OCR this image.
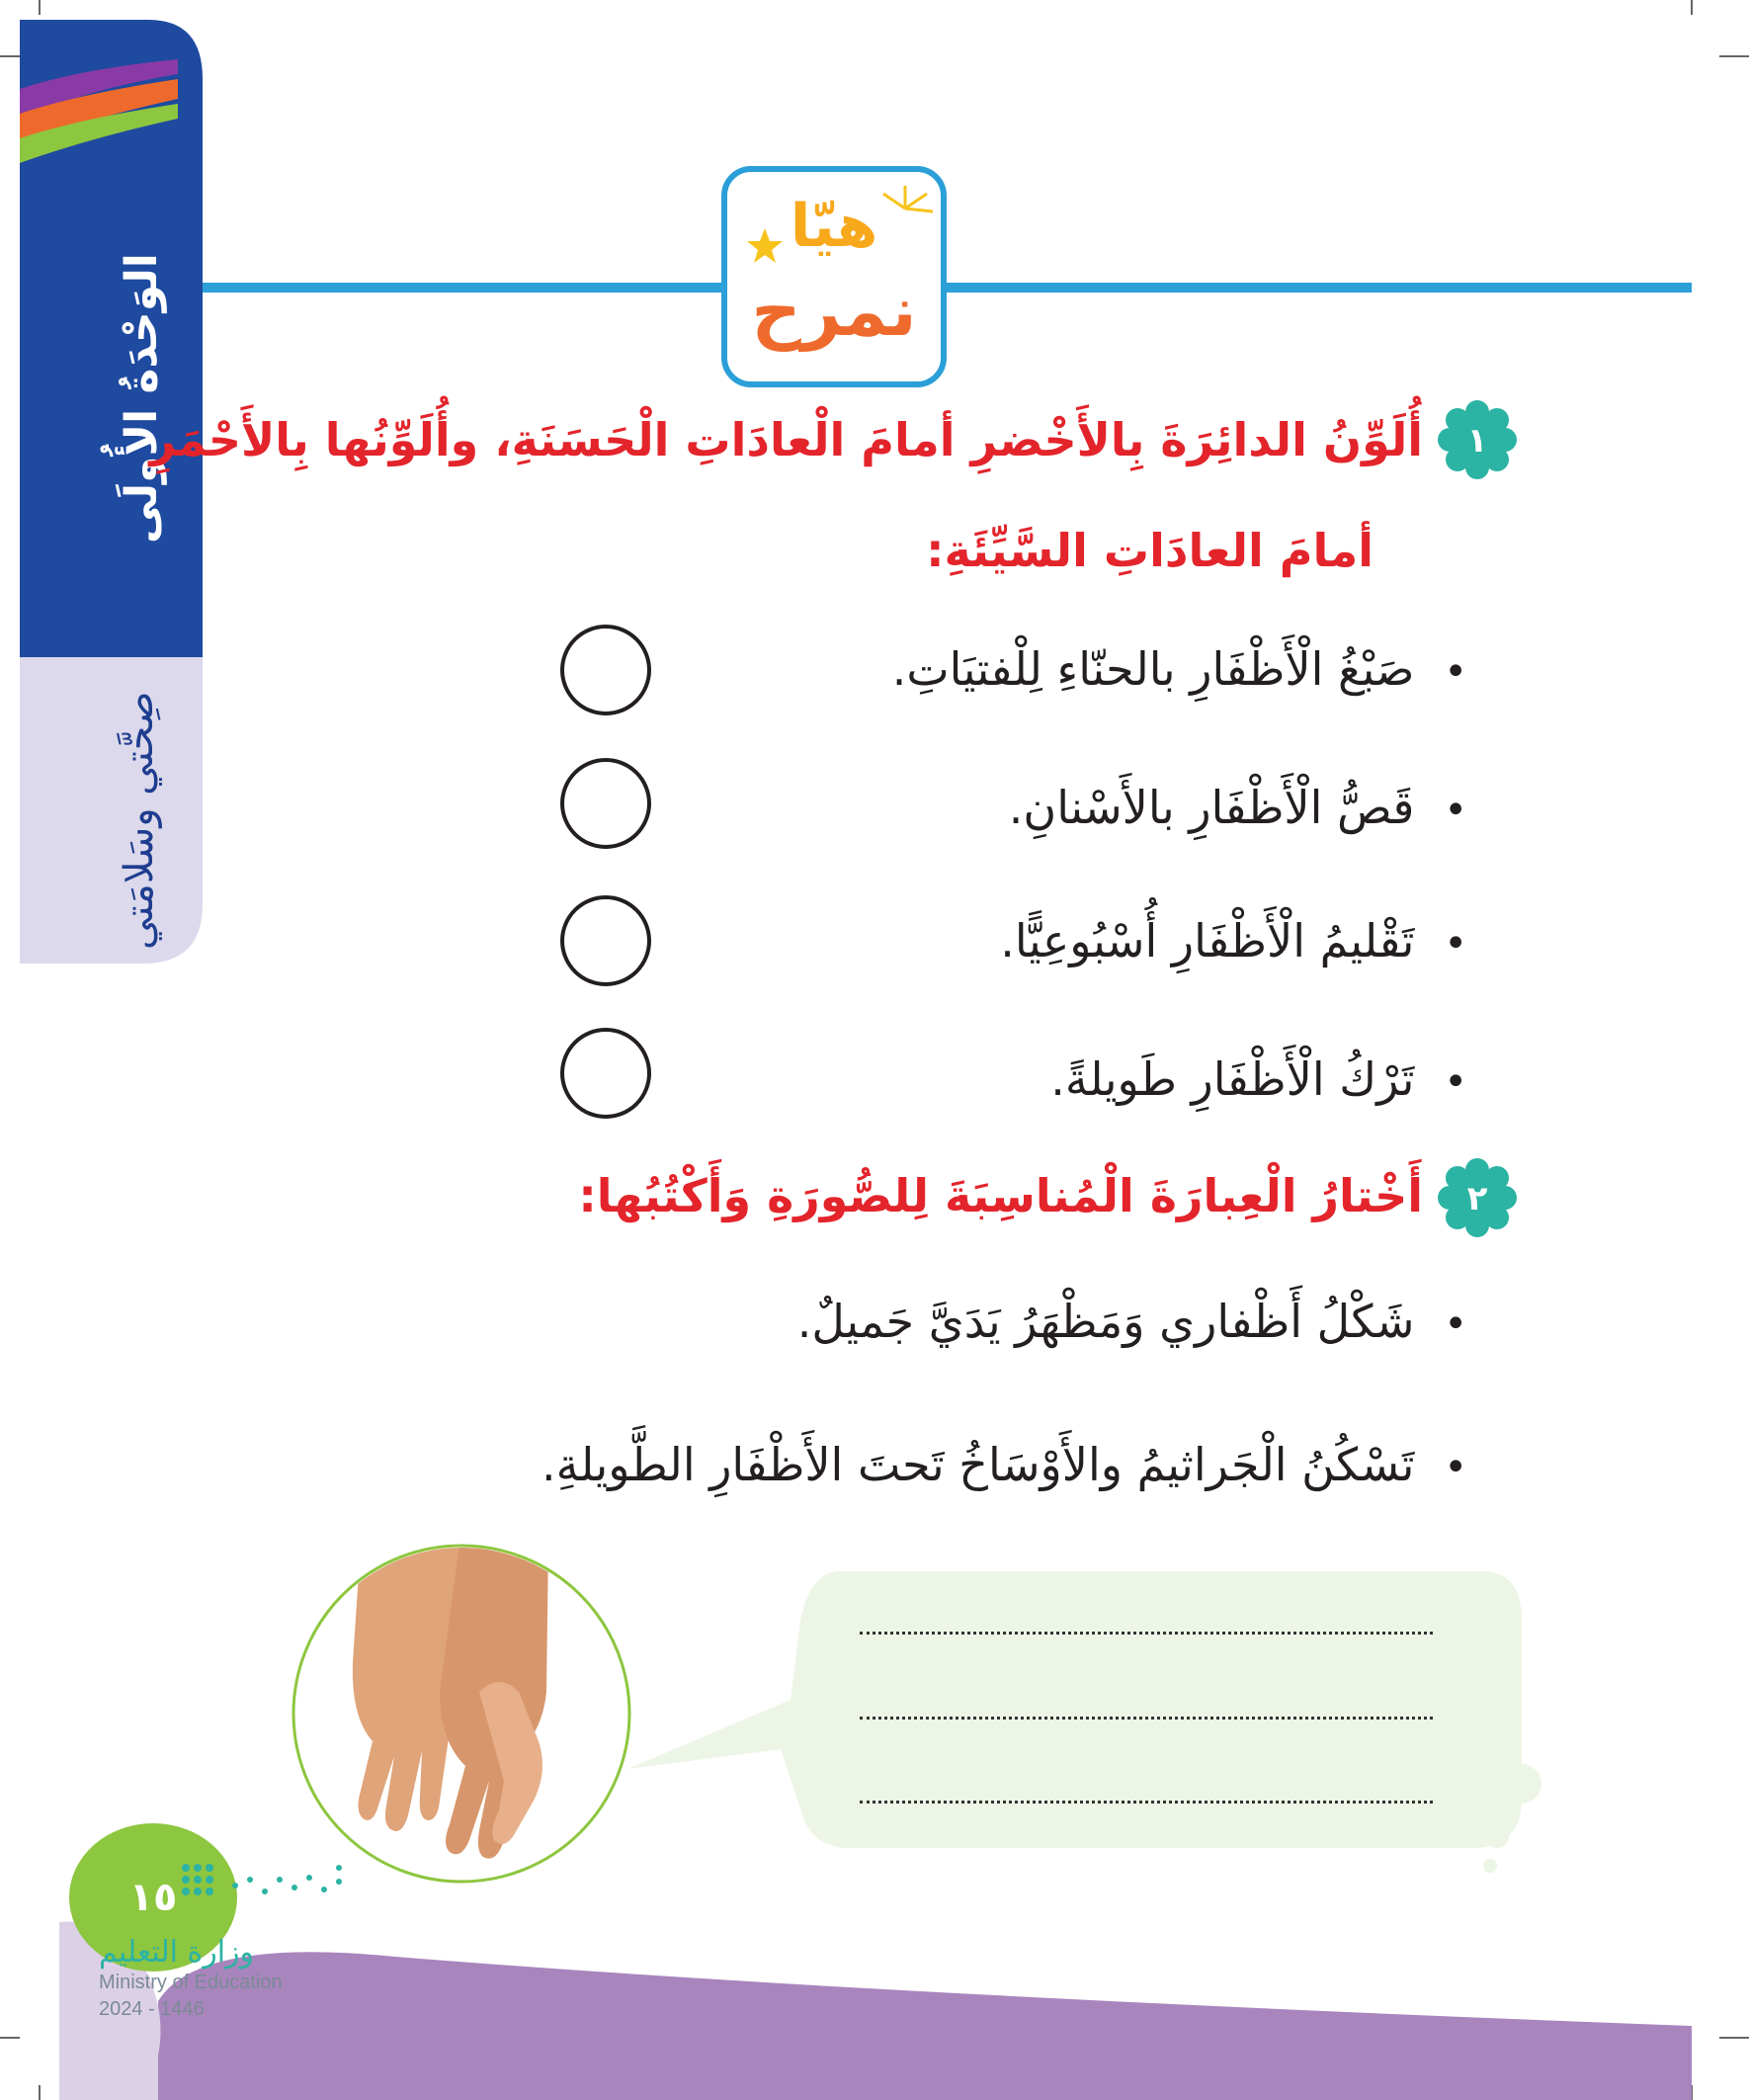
الوَحْدَةُ الأُولَى
صِحَّتي وسَلامَتي
هيّا
نمرح
١
أُلَوِّنُ الدائِرَةَ بِالأَخْضرِ أمامَ الْعادَاتِ الْحَسَنَةِ، وأُلَوِّنُها بِالأَحْمَرِ
أمامَ العادَاتِ السَّيِّئَةِ:
• صَبْغُ الْأَظْفَارِ بالحنّاءِ لِلْفتيَاتِ.
• قَصُّ الْأَظْفَارِ بالأَسْنانِ.
• تَقْليمُ الْأَظْفَارِ أُسْبُوعِيًّا.
• تَرْكُ الْأَظْفَارِ طَويلةً.
٢
أَخْتارُ الْعِبارَةَ الْمُناسِبَةَ لِلصُّورَةِ وَأَكْتُبُها:
• شَكْلُ أَظْفاري وَمَظْهَرُ يَدَيَّ جَميلٌ.
• تَسْكُنُ الْجَراثيمُ والأَوْسَاخُ تَحتَ الأَظْفَارِ الطَّويلةِ.
١٥
وزارة التعليم
Ministry of Education
2024 - 1446
